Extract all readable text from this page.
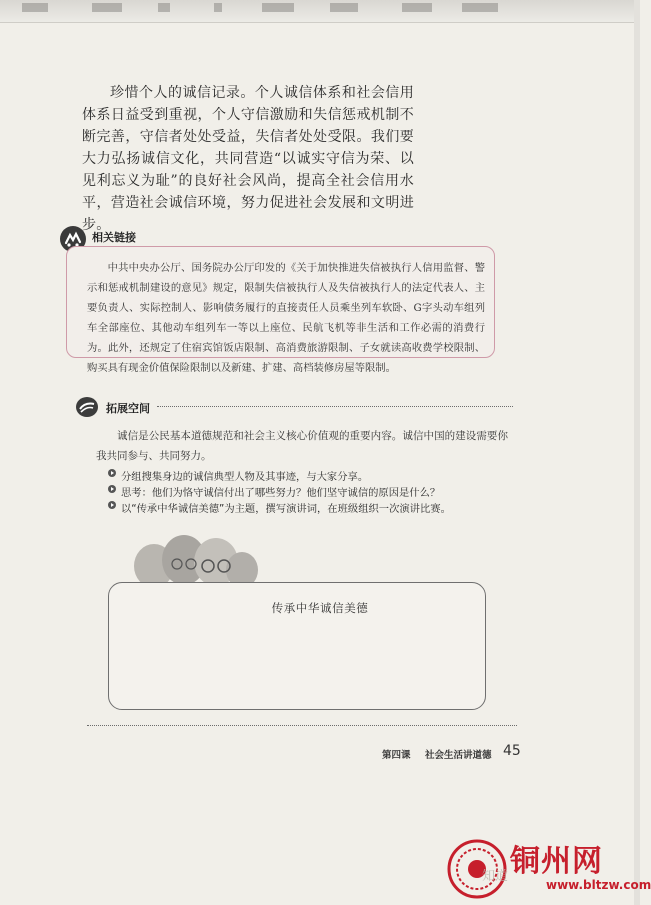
珍惜个人的诚信记录。个人诚信体系和社会信用体系日益受到重视，个人守信激励和失信惩戒机制不断完善，守信者处处受益，失信者处处受限。我们要大力弘扬诚信文化，共同营造“以诚实守信为荣、以见利忘义为耻”的良好社会风尚，提高全社会信用水平，营造社会诚信环境，努力促进社会发展和文明进步。

相关链接

中共中央办公厅、国务院办公厅印发的《关于加快推进失信被执行人信用监督、警示和惩戒机制建设的意见》规定，限制失信被执行人及失信被执行人的法定代表人、主要负责人、实际控制人、影响债务履行的直接责任人员乘坐列车软卧、G字头动车组列车全部座位、其他动车组列车一等以上座位、民航飞机等非生活和工作必需的消费行为。此外，还规定了住宿宾馆饭店限制、高消费旅游限制、子女就读高收费学校限制、购买具有现金价值保险限制以及新建、扩建、高档装修房屋等限制。

拓展空间

诚信是公民基本道德规范和社会主义核心价值观的重要内容。诚信中国的建设需要你我共同参与、共同努力。

分组搜集身边的诚信典型人物及其事迹，与大家分享。
思考：他们为恪守诚信付出了哪些努力？他们坚守诚信的原因是什么？
以“传承中华诚信美德”为主题，撰写演讲词，在班级组织一次演讲比赛。
传承中华诚信美德
第四课 社会生活讲道德 45
知道 铜州网
www.bltzw.com
